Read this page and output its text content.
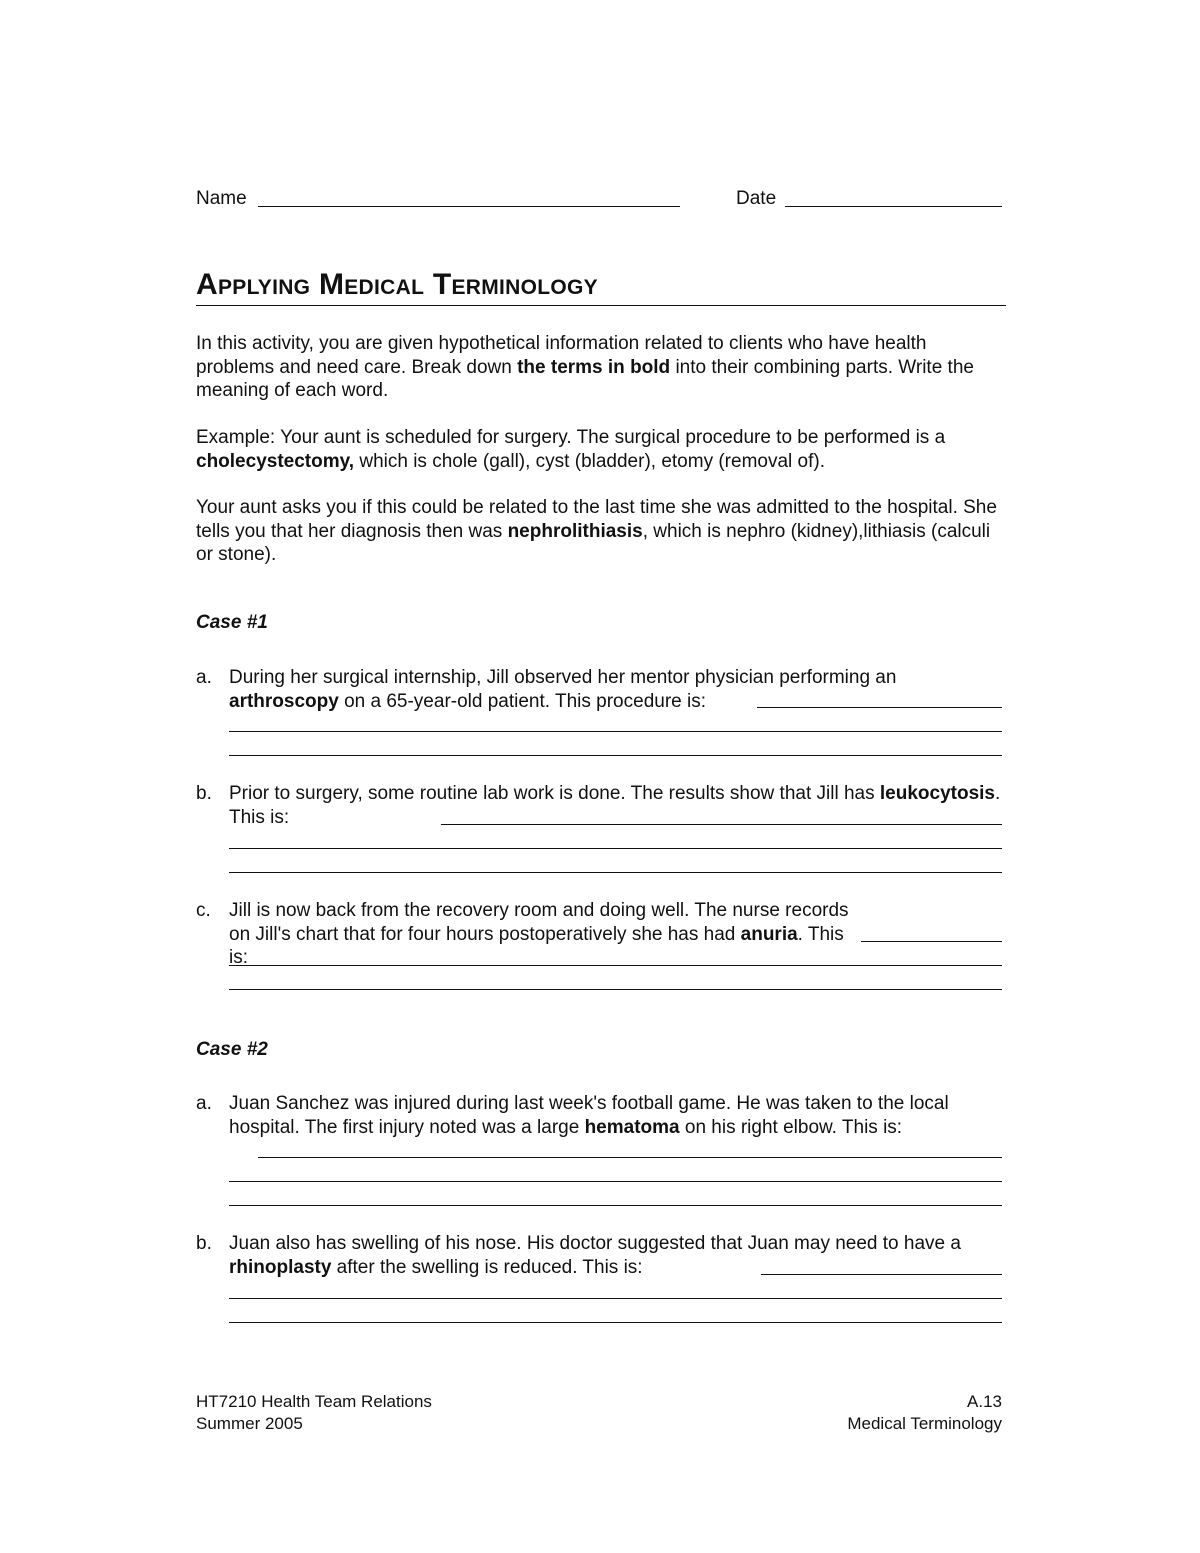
Name	Date
Applying Medical Terminology
In this activity, you are given hypothetical information related to clients who have health problems and need care. Break down the terms in bold into their combining parts. Write the meaning of each word.
Example: Your aunt is scheduled for surgery. The surgical procedure to be performed is a cholecystectomy, which is chole (gall), cyst (bladder), etomy (removal of).
Your aunt asks you if this could be related to the last time she was admitted to the hospital. She tells you that her diagnosis then was nephrolithiasis, which is nephro (kidney),lithiasis (calculi or stone).
Case #1
a. During her surgical internship, Jill observed her mentor physician performing an arthroscopy on a 65-year-old patient. This procedure is:
b. Prior to surgery, some routine lab work is done. The results show that Jill has leukocytosis. This is:
c. Jill is now back from the recovery room and doing well. The nurse records on Jill's chart that for four hours postoperatively she has had anuria. This is:
Case #2
a. Juan Sanchez was injured during last week's football game. He was taken to the local hospital. The first injury noted was a large hematoma on his right elbow. This is:
b. Juan also has swelling of his nose. His doctor suggested that Juan may need to have a rhinoplasty after the swelling is reduced. This is:
HT7210 Health Team Relations
Summer 2005
A.13
Medical Terminology
